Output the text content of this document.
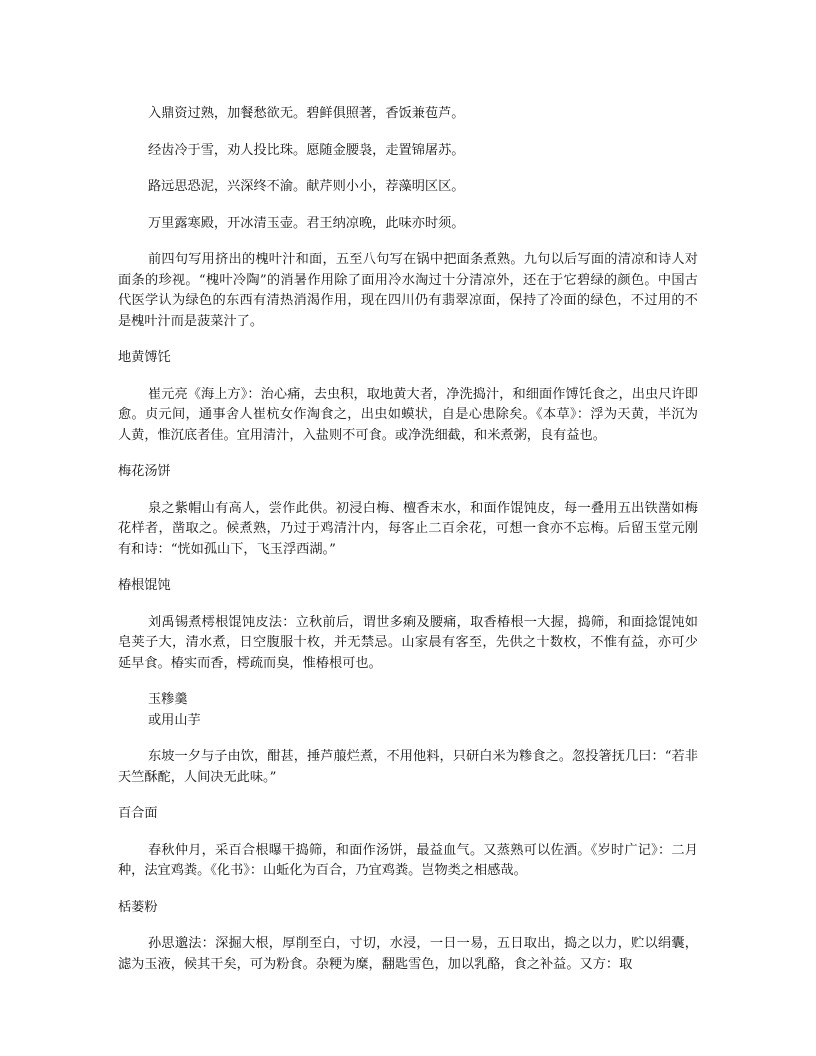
入鼎资过熟，加餐愁欲无。碧鲜俱照著，香饭兼苞芦。

经齿冷于雪，劝人投比珠。愿随金腰袅，走置锦屠苏。

路远思恐泥，兴深终不渝。献芹则小小，荐藻明区区。

万里露寒殿，开冰清玉壶。君王纳凉晚，此味亦时须。

前四句写用挤出的槐叶汁和面，五至八句写在锅中把面条煮熟。九句以后写面的清凉和诗人对面条的珍视。“槐叶冷陶”的消暑作用除了面用冷水淘过十分清凉外，还在于它碧绿的颜色。中国古代医学认为绿色的东西有清热消渴作用，现在四川仍有翡翠凉面，保持了冷面的绿色，不过用的不是槐叶汁而是菠菜汁了。

地黄馎饦

崔元亮《海上方》：治心痛，去虫积，取地黄大者，净洗捣汁，和细面作馎饦食之，出虫尺许即愈。贞元间，通事舍人崔杭女作淘食之，出虫如蟆状，自是心患除矣。《本草》：浮为天黄，半沉为人黄，惟沉底者佳。宜用清汁，入盐则不可食。或净洗细截，和米煮粥，良有益也。

梅花汤饼

泉之紫帽山有高人，尝作此供。初浸白梅、檀香末水，和面作馄饨皮，每一叠用五出铁凿如梅花样者，凿取之。候煮熟，乃过于鸡清汁内，每客止二百余花，可想一食亦不忘梅。后留玉堂元刚有和诗：“恍如孤山下，飞玉浮西湖。”

椿根馄饨

刘禹锡煮樗根馄饨皮法：立秋前后，谓世多痢及腰痛，取香椿根一大握，捣筛，和面捻馄饨如皂荚子大，清水煮，日空腹服十枚，并无禁忌。山家晨有客至，先供之十数枚，不惟有益，亦可少延早食。椿实而香，樗疏而臭，惟椿根可也。

玉糁羹

或用山芋

东坡一夕与子由饮，酣甚，捶芦菔烂煮，不用他料，只研白米为糁食之。忽投箸抚几曰：“若非天竺酥酡，人间决无此味。”

百合面

春秋仲月，采百合根曝干捣筛，和面作汤饼，最益血气。又蒸熟可以佐酒。《岁时广记》：二月种，法宜鸡粪。《化书》：山蚯化为百合，乃宜鸡粪。岂物类之相感哉。

栝蒌粉

孙思邈法：深掘大根，厚削至白，寸切，水浸，一日一易，五日取出，捣之以力，贮以绢囊，滤为玉液，候其干矣，可为粉食。杂粳为糜，翻匙雪色，加以乳酪，食之补益。又方：取
